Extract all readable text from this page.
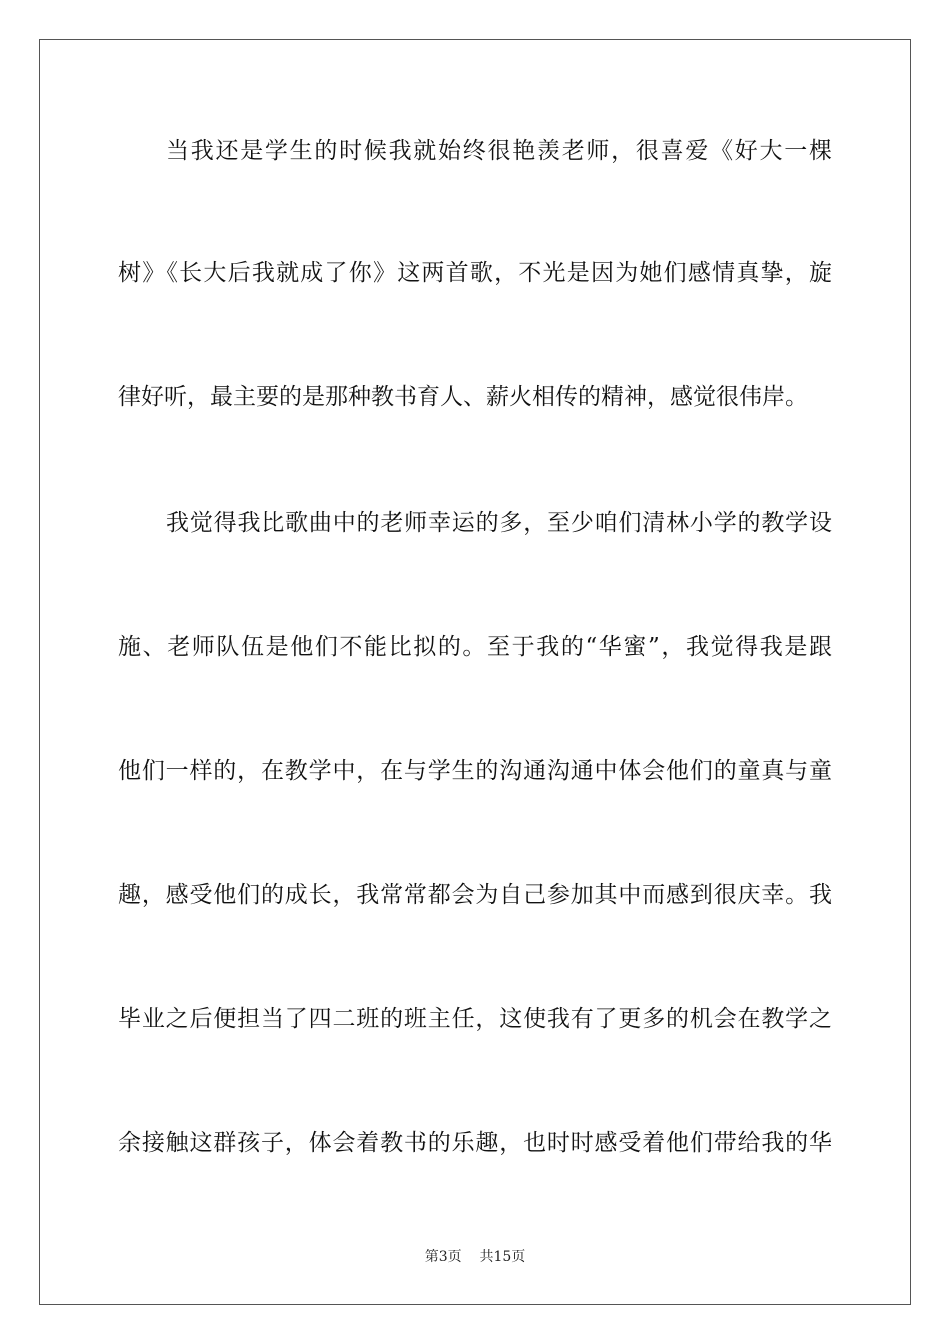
当我还是学生的时候我就始终很艳羡老师，很喜爱《好大一棵
树》《长大后我就成了你》这两首歌，不光是因为她们感情真挚，旋
律好听，最主要的是那种教书育人、薪火相传的精神，感觉很伟岸。
我觉得我比歌曲中的老师幸运的多，至少咱们清林小学的教学设
施、老师队伍是他们不能比拟的。至于我的“华蜜”，我觉得我是跟
他们一样的，在教学中，在与学生的沟通沟通中体会他们的童真与童
趣，感受他们的成长，我常常都会为自己参加其中而感到很庆幸。我
毕业之后便担当了四二班的班主任，这使我有了更多的机会在教学之
余接触这群孩子，体会着教书的乐趣，也时时感受着他们带给我的华
第3页 共15页
